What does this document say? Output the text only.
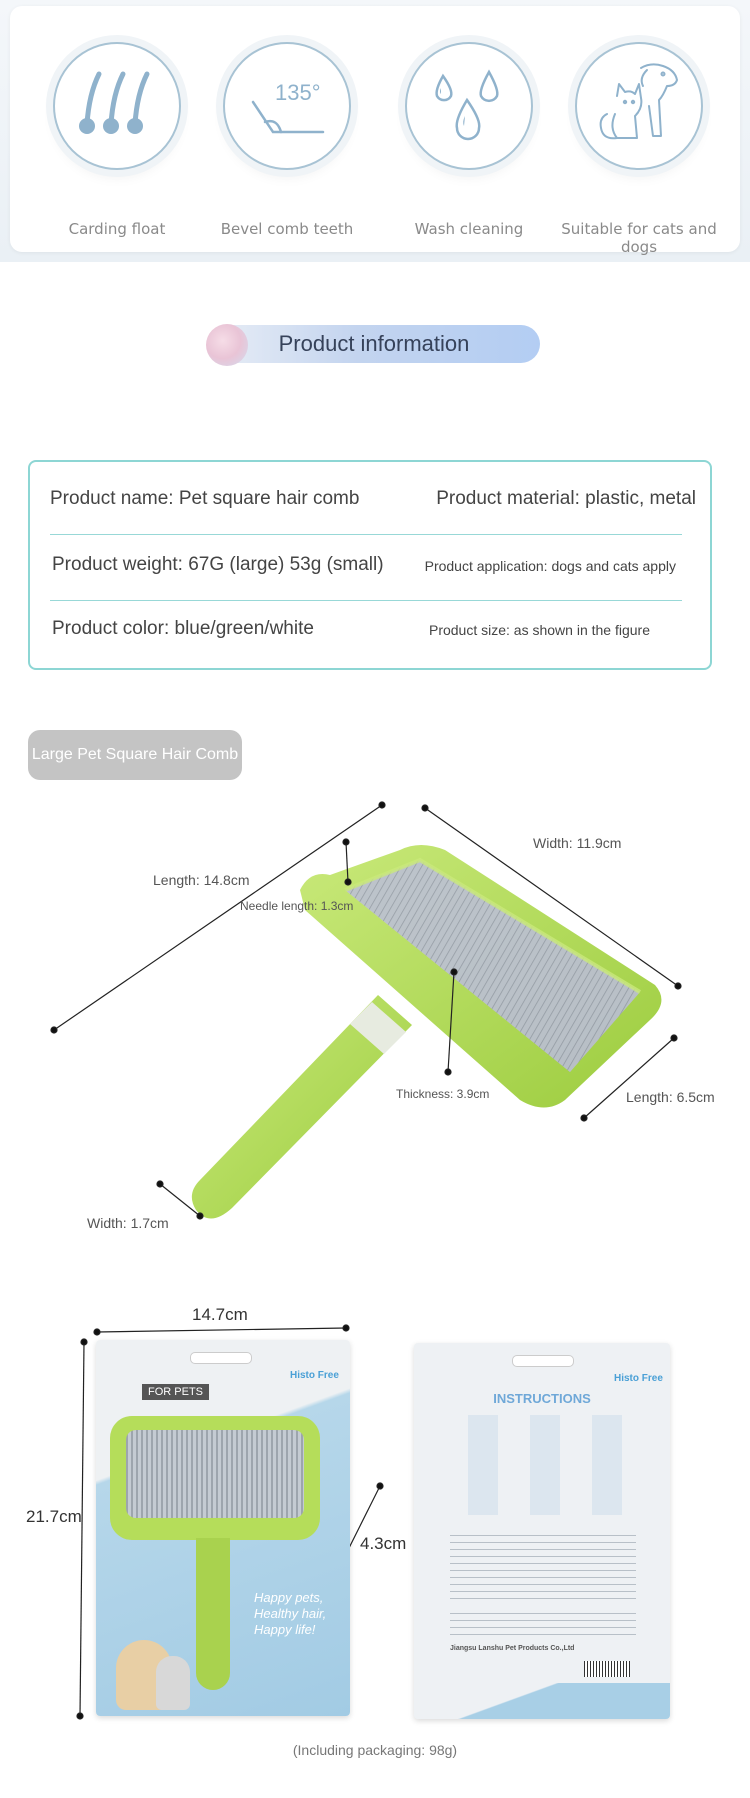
Carding float
135°
Bevel comb teeth	Wash cleaning	Suitable for cats and dogs
Product information
Product name: Pet square hair comb	Product material: plastic, metal
Product weight: 67G (large) 53g (small)	Product application: dogs and cats apply
Product color: blue/green/white	Product size: as shown in the figure
Large Pet Square Hair Comb
Length: 14.8cm
Needle length: 1.3cm
Width: 11.9cm
Thickness: 3.9cm	Length: 6.5cm
Width: 1.7cm
14.7cm
21.7cm
4.3cm
Histo Free
FOR PETS
Happy pets, Healthy hair, Happy life!
Histo Free
INSTRUCTIONS
Jiangsu Lanshu Pet Products Co.,Ltd
(Including packaging: 98g)
